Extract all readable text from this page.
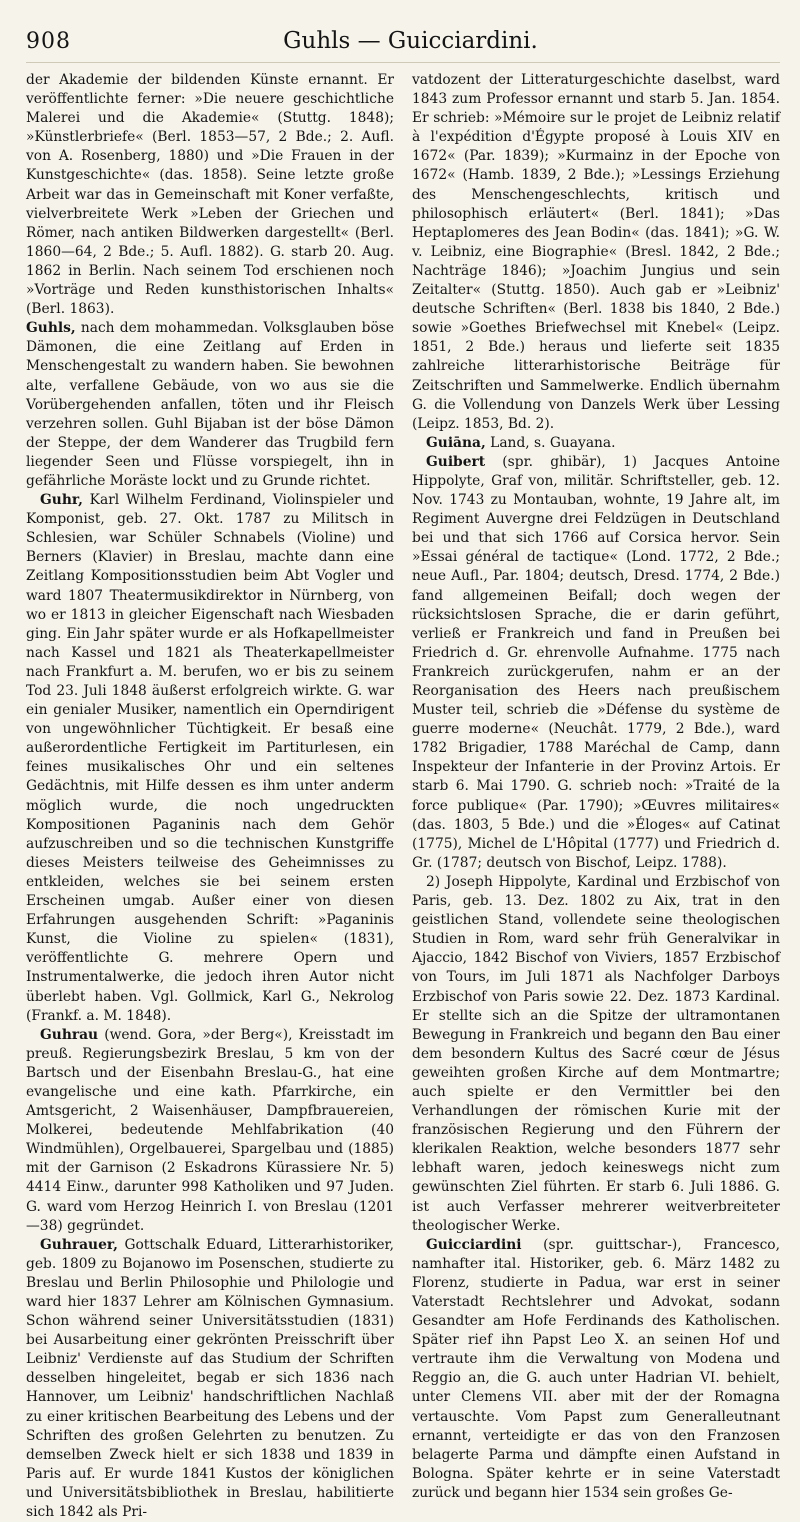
908	Guhls — Guicciardini.

der Akademie der bildenden Künste ernannt. Er veröffentlichte ferner: »Die neuere geschichtliche Malerei und die Akademie« (Stuttg. 1848); »Künstlerbriefe« (Berl. 1853—57, 2 Bde.; 2. Aufl. von A. Rosenberg, 1880) und »Die Frauen in der Kunstgeschichte« (das. 1858). Seine letzte große Arbeit war das in Gemeinschaft mit Koner verfaßte, vielverbreitete Werk »Leben der Griechen und Römer, nach antiken Bildwerken dargestellt« (Berl. 1860—64, 2 Bde.; 5. Aufl. 1882). G. starb 20. Aug. 1862 in Berlin. Nach seinem Tod erschienen noch »Vorträge und Reden kunsthistorischen Inhalts« (Berl. 1863).

Guhls, nach dem mohammedan. Volksglauben böse Dämonen, die eine Zeitlang auf Erden in Menschengestalt zu wandern haben. Sie bewohnen alte, verfallene Gebäude, von wo aus sie die Vorübergehenden anfallen, töten und ihr Fleisch verzehren sollen. Guhl Bijaban ist der böse Dämon der Steppe, der dem Wanderer das Trugbild fern liegender Seen und Flüsse vorspiegelt, ihn in gefährliche Moräste lockt und zu Grunde richtet.

Guhr, Karl Wilhelm Ferdinand, Violinspieler und Komponist, geb. 27. Okt. 1787 zu Militsch in Schlesien, war Schüler Schnabels (Violine) und Berners (Klavier) in Breslau, machte dann eine Zeitlang Kompositionsstudien beim Abt Vogler und ward 1807 Theatermusikdirektor in Nürnberg, von wo er 1813 in gleicher Eigenschaft nach Wiesbaden ging. Ein Jahr später wurde er als Hofkapellmeister nach Kassel und 1821 als Theaterkapellmeister nach Frankfurt a. M. berufen, wo er bis zu seinem Tod 23. Juli 1848 äußerst erfolgreich wirkte. G. war ein genialer Musiker, namentlich ein Operndirigent von ungewöhnlicher Tüchtigkeit. Er besaß eine außerordentliche Fertigkeit im Partiturlesen, ein feines musikalisches Ohr und ein seltenes Gedächtnis, mit Hilfe dessen es ihm unter anderm möglich wurde, die noch ungedruckten Kompositionen Paganinis nach dem Gehör aufzuschreiben und so die technischen Kunstgriffe dieses Meisters teilweise des Geheimnisses zu entkleiden, welches sie bei seinem ersten Erscheinen umgab. Außer einer von diesen Erfahrungen ausgehenden Schrift: »Paganinis Kunst, die Violine zu spielen« (1831), veröffentlichte G. mehrere Opern und Instrumentalwerke, die jedoch ihren Autor nicht überlebt haben. Vgl. Gollmick, Karl G., Nekrolog (Frankf. a. M. 1848).

Guhrau (wend. Gora, »der Berg«), Kreisstadt im preuß. Regierungsbezirk Breslau, 5 km von der Bartsch und der Eisenbahn Breslau-G., hat eine evangelische und eine kath. Pfarrkirche, ein Amtsgericht, 2 Waisenhäuser, Dampfbrauereien, Molkerei, bedeutende Mehlfabrikation (40 Windmühlen), Orgelbauerei, Spargelbau und (1885) mit der Garnison (2 Eskadrons Kürassiere Nr. 5) 4414 Einw., darunter 998 Katholiken und 97 Juden. G. ward vom Herzog Heinrich I. von Breslau (1201—38) gegründet.

Guhrauer, Gottschalk Eduard, Litterarhistoriker, geb. 1809 zu Bojanowo im Posenschen, studierte zu Breslau und Berlin Philosophie und Philologie und ward hier 1837 Lehrer am Kölnischen Gymnasium. Schon während seiner Universitätsstudien (1831) bei Ausarbeitung einer gekrönten Preisschrift über Leibniz' Verdienste auf das Studium der Schriften desselben hingeleitet, begab er sich 1836 nach Hannover, um Leibniz' handschriftlichen Nachlaß zu einer kritischen Bearbeitung des Lebens und der Schriften des großen Gelehrten zu benutzen. Zu demselben Zweck hielt er sich 1838 und 1839 in Paris auf. Er wurde 1841 Kustos der königlichen und Universitätsbibliothek in Breslau, habilitierte sich 1842 als Pri-

vatdozent der Litteraturgeschichte daselbst, ward 1843 zum Professor ernannt und starb 5. Jan. 1854. Er schrieb: »Mémoire sur le projet de Leibniz relatif à l'expédition d'Égypte proposé à Louis XIV en 1672« (Par. 1839); »Kurmainz in der Epoche von 1672« (Hamb. 1839, 2 Bde.); »Lessings Erziehung des Menschengeschlechts, kritisch und philosophisch erläutert« (Berl. 1841); »Das Heptaplomeres des Jean Bodin« (das. 1841); »G. W. v. Leibniz, eine Biographie« (Bresl. 1842, 2 Bde.; Nachträge 1846); »Joachim Jungius und sein Zeitalter« (Stuttg. 1850). Auch gab er »Leibniz' deutsche Schriften« (Berl. 1838 bis 1840, 2 Bde.) sowie »Goethes Briefwechsel mit Knebel« (Leipz. 1851, 2 Bde.) heraus und lieferte seit 1835 zahlreiche litterarhistorische Beiträge für Zeitschriften und Sammelwerke. Endlich übernahm G. die Vollendung von Danzels Werk über Lessing (Leipz. 1853, Bd. 2).

Guiāna, Land, s. Guayana.

Guibert (spr. ghibär), 1) Jacques Antoine Hippolyte, Graf von, militär. Schriftsteller, geb. 12. Nov. 1743 zu Montauban, wohnte, 19 Jahre alt, im Regiment Auvergne drei Feldzügen in Deutschland bei und that sich 1766 auf Corsica hervor. Sein »Essai général de tactique« (Lond. 1772, 2 Bde.; neue Aufl., Par. 1804; deutsch, Dresd. 1774, 2 Bde.) fand allgemeinen Beifall; doch wegen der rücksichtslosen Sprache, die er darin geführt, verließ er Frankreich und fand in Preußen bei Friedrich d. Gr. ehrenvolle Aufnahme. 1775 nach Frankreich zurückgerufen, nahm er an der Reorganisation des Heers nach preußischem Muster teil, schrieb die »Défense du système de guerre moderne« (Neuchât. 1779, 2 Bde.), ward 1782 Brigadier, 1788 Maréchal de Camp, dann Inspekteur der Infanterie in der Provinz Artois. Er starb 6. Mai 1790. G. schrieb noch: »Traité de la force publique« (Par. 1790); »Œuvres militaires« (das. 1803, 5 Bde.) und die »Éloges« auf Catinat (1775), Michel de L'Hôpital (1777) und Friedrich d. Gr. (1787; deutsch von Bischof, Leipz. 1788).

2) Joseph Hippolyte, Kardinal und Erzbischof von Paris, geb. 13. Dez. 1802 zu Aix, trat in den geistlichen Stand, vollendete seine theologischen Studien in Rom, ward sehr früh Generalvikar in Ajaccio, 1842 Bischof von Viviers, 1857 Erzbischof von Tours, im Juli 1871 als Nachfolger Darboys Erzbischof von Paris sowie 22. Dez. 1873 Kardinal. Er stellte sich an die Spitze der ultramontanen Bewegung in Frankreich und begann den Bau einer dem besondern Kultus des Sacré cœur de Jésus geweihten großen Kirche auf dem Montmartre; auch spielte er den Vermittler bei den Verhandlungen der römischen Kurie mit der französischen Regierung und den Führern der klerikalen Reaktion, welche besonders 1877 sehr lebhaft waren, jedoch keineswegs nicht zum gewünschten Ziel führten. Er starb 6. Juli 1886. G. ist auch Verfasser mehrerer weitverbreiteter theologischer Werke.

Guicciardini (spr. guittschar-), Francesco, namhafter ital. Historiker, geb. 6. März 1482 zu Florenz, studierte in Padua, war erst in seiner Vaterstadt Rechtslehrer und Advokat, sodann Gesandter am Hofe Ferdinands des Katholischen. Später rief ihn Papst Leo X. an seinen Hof und vertraute ihm die Verwaltung von Modena und Reggio an, die G. auch unter Hadrian VI. behielt, unter Clemens VII. aber mit der der Romagna vertauschte. Vom Papst zum Generalleutnant ernannt, verteidigte er das von den Franzosen belagerte Parma und dämpfte einen Aufstand in Bologna. Später kehrte er in seine Vaterstadt zurück und begann hier 1534 sein großes Ge-
